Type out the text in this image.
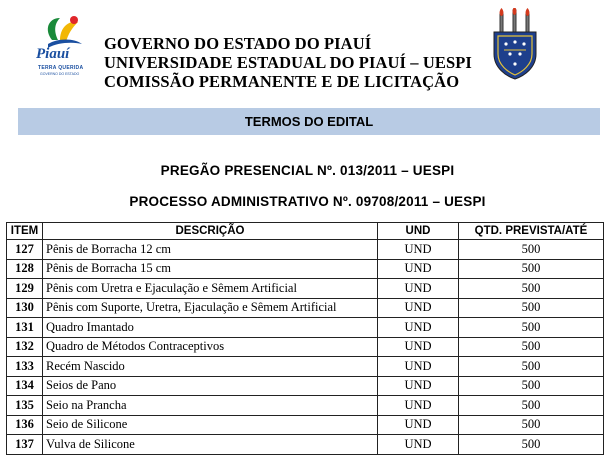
Piauí
TERRA QUERIDA
GOVERNO DO ESTADO
GOVERNO DO ESTADO DO PIAUÍ
UNIVERSIDADE ESTADUAL DO PIAUÍ – UESPI
COMISSÃO PERMANENTE E DE LICITAÇÃO
TERMOS DO EDITAL
PREGÃO PRESENCIAL Nº. 013/2011 – UESPI
PROCESSO ADMINISTRATIVO Nº. 09708/2011 – UESPI
ITEM	DESCRIÇÃO	UND	QTD. PREVISTA/ATÉ
127	Pênis de Borracha 12 cm	UND	500
128	Pênis de Borracha 15 cm	UND	500
129	Pênis com Uretra e Ejaculação e Sêmem Artificial	UND	500
130	Pênis com Suporte, Uretra, Ejaculação e Sêmem Artificial	UND	500
131	Quadro Imantado	UND	500
132	Quadro de Métodos Contraceptivos	UND	500
133	Recém Nascido	UND	500
134	Seios de Pano	UND	500
135	Seio na Prancha	UND	500
136	Seio de Silicone	UND	500
137	Vulva de Silicone	UND	500
